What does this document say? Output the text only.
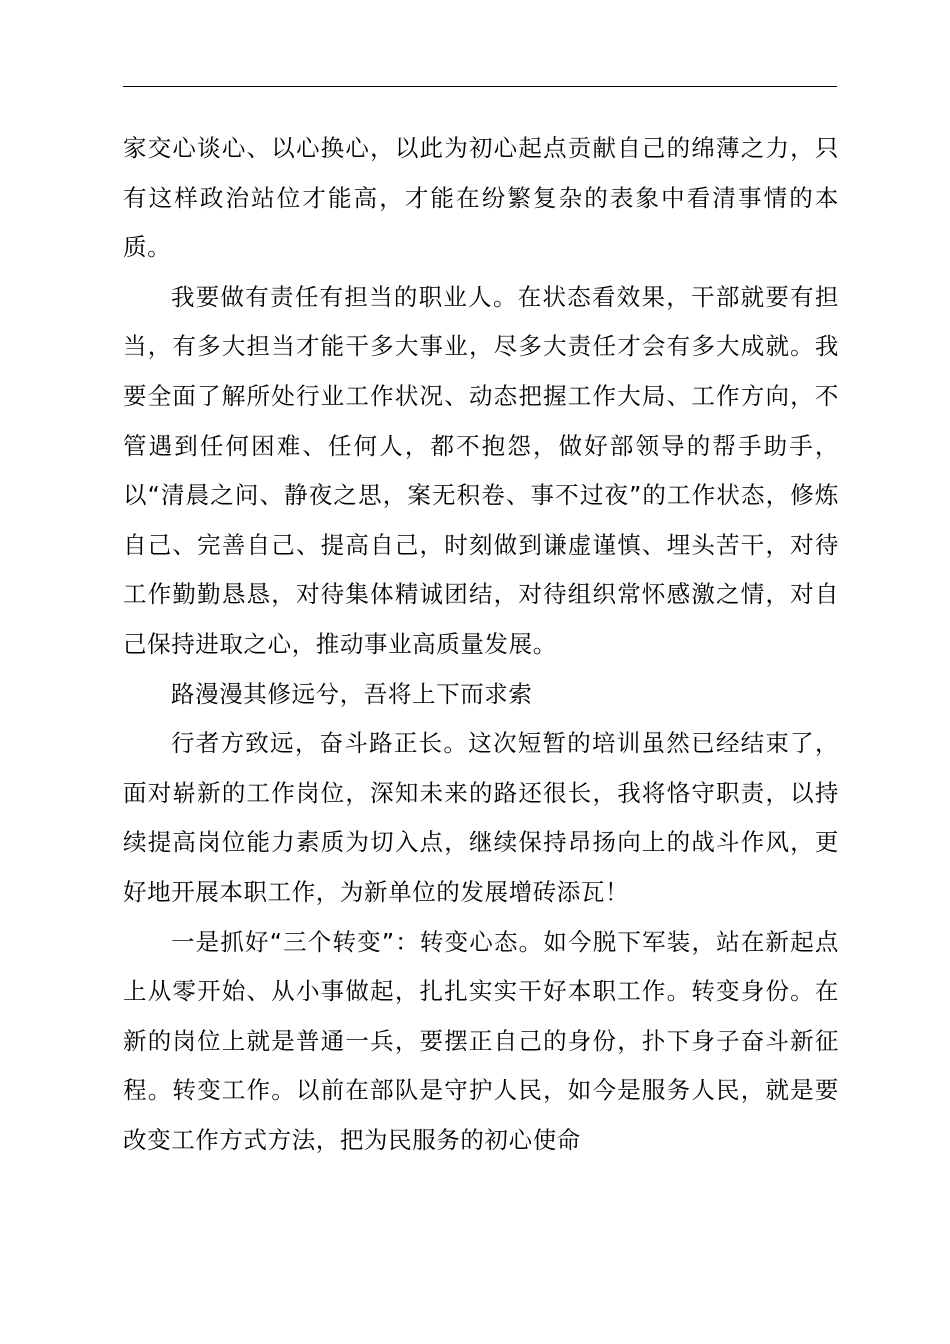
家交心谈心、以心换心，以此为初心起点贡献自己的绵薄之力，只有这样政治站位才能高，才能在纷繁复杂的表象中看清事情的本质。

我要做有责任有担当的职业人。在状态看效果，干部就要有担当，有多大担当才能干多大事业，尽多大责任才会有多大成就。我要全面了解所处行业工作状况、动态把握工作大局、工作方向，不管遇到任何困难、任何人，都不抱怨，做好部领导的帮手助手，以“清晨之问、静夜之思，案无积卷、事不过夜”的工作状态，修炼自己、完善自己、提高自己，时刻做到谦虚谨慎、埋头苦干，对待工作勤勤恳恳，对待集体精诚团结，对待组织常怀感激之情，对自己保持进取之心，推动事业高质量发展。

路漫漫其修远兮，吾将上下而求索

行者方致远，奋斗路正长。这次短暂的培训虽然已经结束了，面对崭新的工作岗位，深知未来的路还很长，我将恪守职责，以持续提高岗位能力素质为切入点，继续保持昂扬向上的战斗作风，更好地开展本职工作，为新单位的发展增砖添瓦！

一是抓好“三个转变”：转变心态。如今脱下军装，站在新起点上从零开始、从小事做起，扎扎实实干好本职工作。转变身份。在新的岗位上就是普通一兵，要摆正自己的身份，扑下身子奋斗新征程。转变工作。以前在部队是守护人民，如今是服务人民，就是要改变工作方式方法，把为民服务的初心使命
